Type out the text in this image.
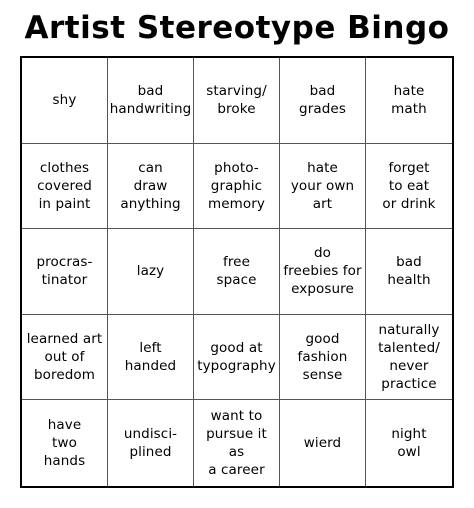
Artist Stereotype Bingo
shy
bad
handwriting
starving/
broke
bad
grades
hate
math
clothes
covered
in paint
can
draw
anything
photo-
graphic
memory
hate
your own
art
forget
to eat
or drink
procras-
tinator
lazy
free
space
do
freebies for
exposure
bad
health
learned art
out of
boredom
left
handed
good at
typography
good
fashion
sense
naturally
talented/
never
practice
have
two
hands
undisci-
plined
want to
pursue it as
a career
wierd
night
owl
